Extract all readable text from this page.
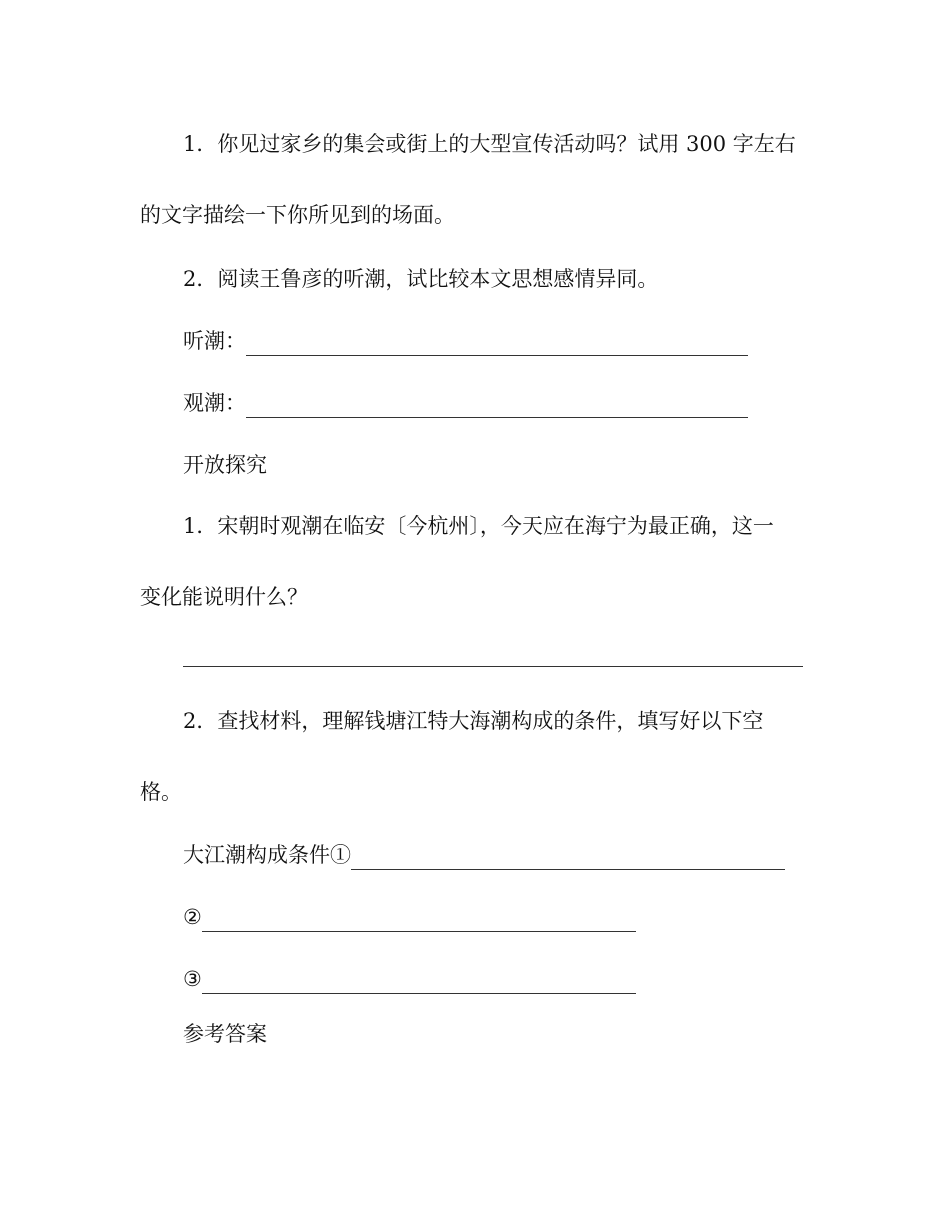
1．你见过家乡的集会或街上的大型宣传活动吗？试用 300 字左右
的文字描绘一下你所见到的场面。
2．阅读王鲁彦的听潮，试比较本文思想感情异同。
听潮：
观潮：
开放探究
1．宋朝时观潮在临安〔今杭州〕，今天应在海宁为最正确，这一
变化能说明什么？
2．查找材料，理解钱塘江特大海潮构成的条件，填写好以下空
格。
大江潮构成条件①
②
③
参考答案
